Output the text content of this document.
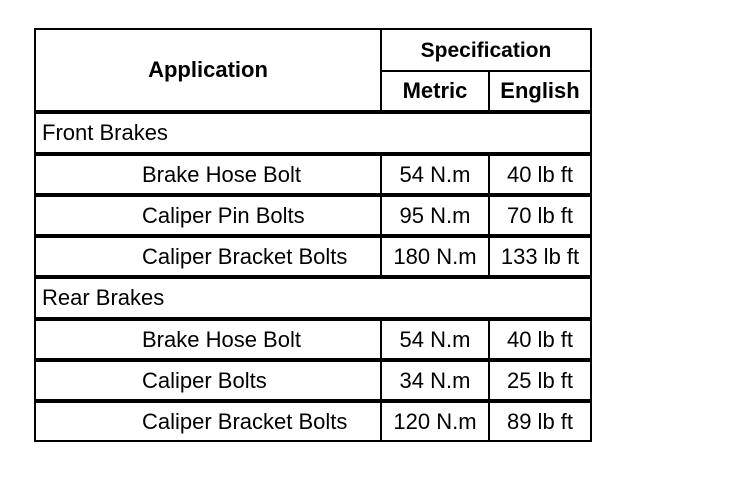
Application	Specification	
	Metric	English
Front Brakes		
Brake Hose Bolt	54 N.m	40 lb ft
Caliper Pin Bolts	95 N.m	70 lb ft
Caliper Bracket Bolts	180 N.m	133 lb ft
Rear Brakes		
Brake Hose Bolt	54 N.m	40 lb ft
Caliper Bolts	34 N.m	25 lb ft
Caliper Bracket Bolts	120 N.m	89 lb ft
